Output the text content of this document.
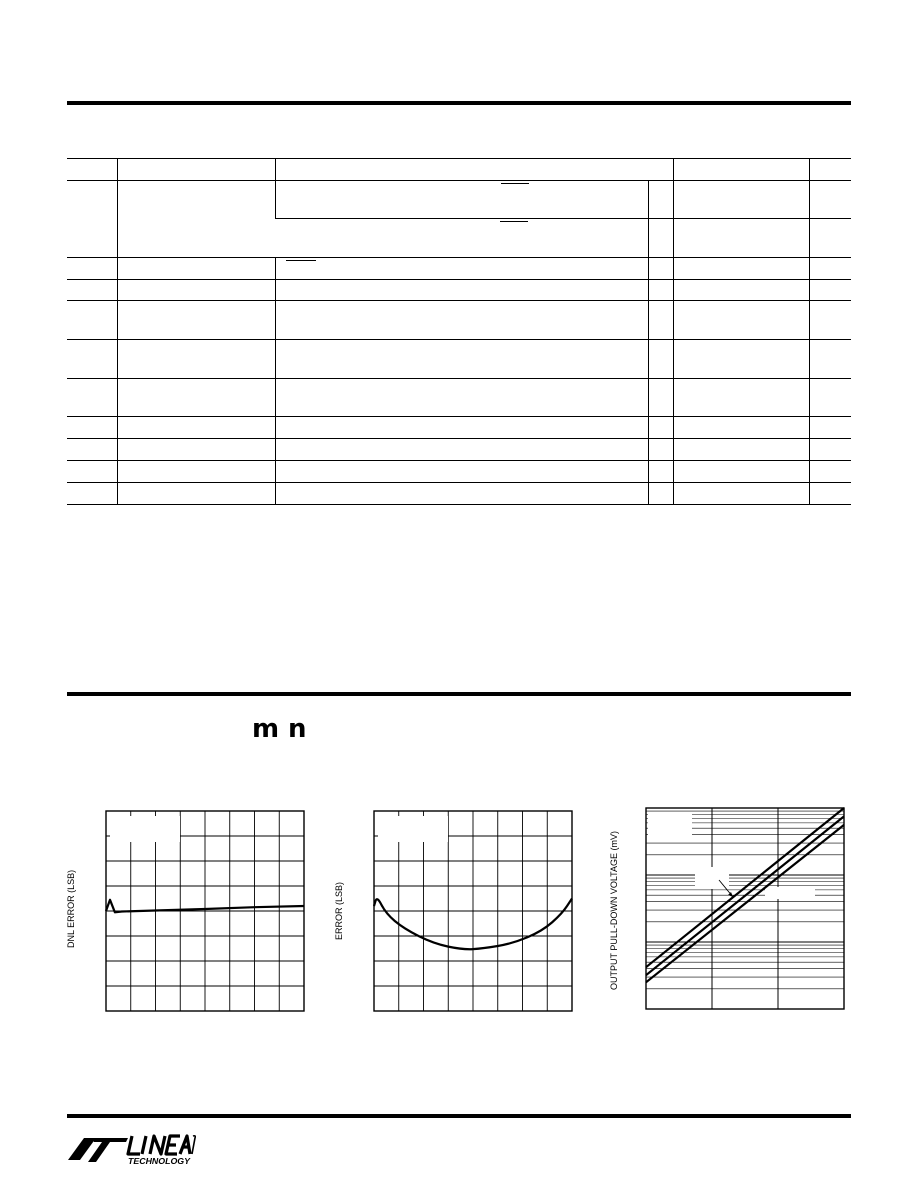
m n
DNL ERROR (LSB)	ERROR (LSB)	OUTPUT PULL-DOWN VOLTAGE (mV)
TECHNOLOGY
